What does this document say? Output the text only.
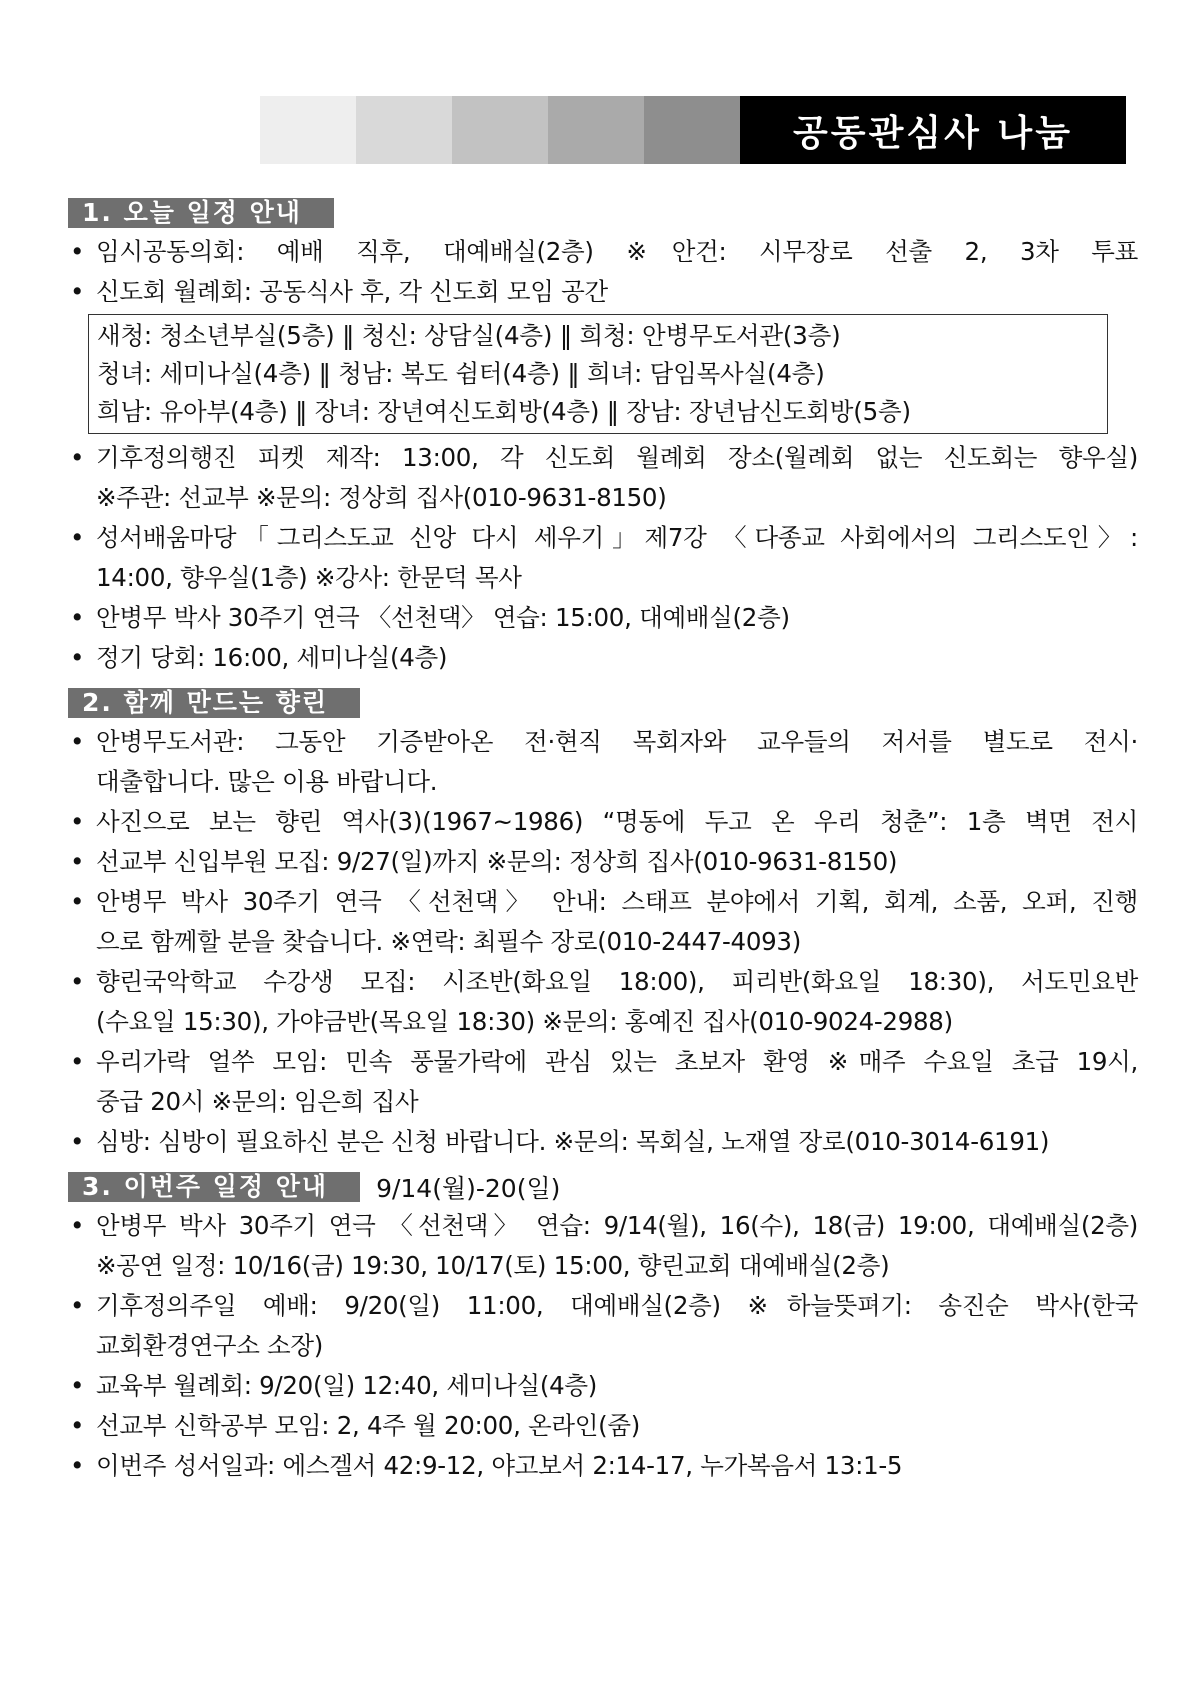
공동관심사 나눔
1. 오늘 일정 안내
• 임시공동의회: 예배 직후, 대예배실(2층) ※안건: 시무장로 선출 2, 3차 투표
• 신도회 월례회: 공동식사 후, 각 신도회 모임 공간
새청: 청소년부실(5층) ‖ 청신: 상담실(4층) ‖ 희청: 안병무도서관(3층)
청녀: 세미나실(4층) ‖ 청남: 복도 쉼터(4층) ‖ 희녀: 담임목사실(4층)
희남: 유아부(4층) ‖ 장녀: 장년여신도회방(4층) ‖ 장남: 장년남신도회방(5층)
• 기후정의행진 피켓 제작: 13:00, 각 신도회 월례회 장소(월례회 없는 신도회는 향우실)
※주관: 선교부 ※문의: 정상희 집사(010-9631-8150)
• 성서배움마당「그리스도교 신앙 다시 세우기」제7강 〈다종교 사회에서의 그리스도인〉:
14:00, 향우실(1층) ※강사: 한문덕 목사
• 안병무 박사 30주기 연극 〈선천댁〉 연습: 15:00, 대예배실(2층)
• 정기 당회: 16:00, 세미나실(4층)
2. 함께 만드는 향린
• 안병무도서관: 그동안 기증받아온 전·현직 목회자와 교우들의 저서를 별도로 전시·
대출합니다. 많은 이용 바랍니다.
• 사진으로 보는 향린 역사(3)(1967~1986) “명동에 두고 온 우리 청춘”: 1층 벽면 전시
• 선교부 신입부원 모집: 9/27(일)까지 ※문의: 정상희 집사(010-9631-8150)
• 안병무 박사 30주기 연극 〈선천댁〉 안내: 스태프 분야에서 기획, 회계, 소품, 오퍼, 진행
으로 함께할 분을 찾습니다. ※연락: 최필수 장로(010-2447-4093)
• 향린국악학교 수강생 모집: 시조반(화요일 18:00), 피리반(화요일 18:30), 서도민요반
(수요일 15:30), 가야금반(목요일 18:30) ※문의: 홍예진 집사(010-9024-2988)
• 우리가락 얼쑤 모임: 민속 풍물가락에 관심 있는 초보자 환영 ※매주 수요일 초급 19시,
중급 20시 ※문의: 임은희 집사
• 심방: 심방이 필요하신 분은 신청 바랍니다. ※문의: 목회실, 노재열 장로(010-3014-6191)
3. 이번주 일정 안내	9/14(월)-20(일)
• 안병무 박사 30주기 연극 〈선천댁〉 연습: 9/14(월), 16(수), 18(금) 19:00, 대예배실(2층)
※공연 일정: 10/16(금) 19:30, 10/17(토) 15:00, 향린교회 대예배실(2층)
• 기후정의주일 예배: 9/20(일) 11:00, 대예배실(2층) ※하늘뜻펴기: 송진순 박사(한국
교회환경연구소 소장)
• 교육부 월례회: 9/20(일) 12:40, 세미나실(4층)
• 선교부 신학공부 모임: 2, 4주 월 20:00, 온라인(줌)
• 이번주 성서일과: 에스겔서 42:9-12, 야고보서 2:14-17, 누가복음서 13:1-5
